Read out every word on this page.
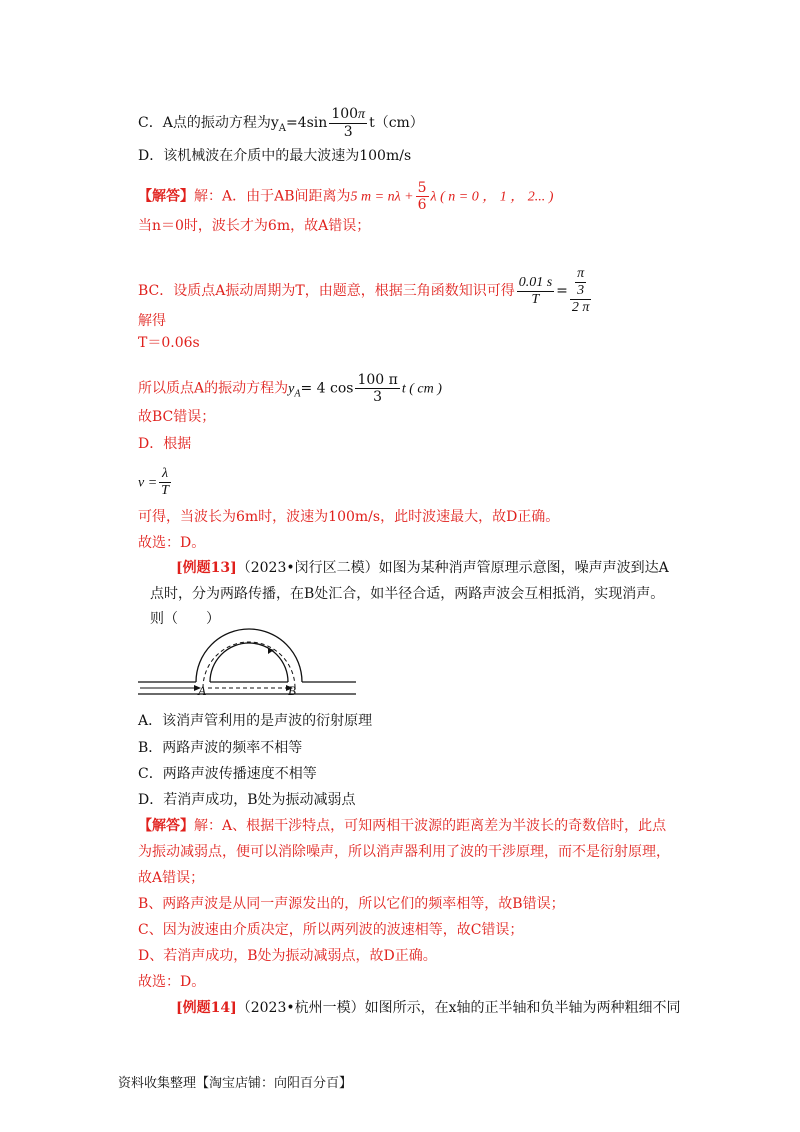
C．A点的振动方程为$y_A=4\sin \frac{100\pi}{3} t(cm)$
D．该机械波在介质中的最大波速为100m/s
【解答】解：A．由于AB间距离为5 $m = n\lambda + \frac{5}{6}$ λ ( n = 0 ， 1 ， 2... )
当n＝0时，波长才为6m，故A错误；
BC．设质点A振动周期为T，由题意，根据三角函数知识可得 $\frac{0.01 s}{T} = \frac{\frac{\pi}{3}}{2 \pi}$
解得
T＝0.06s
所以质点A的振动方程为$y_A= 4$ $\cos \frac{100 \pi}{3}$ t ( cm )
故BC错误；
D．根据
$v = \frac{\lambda}{T}$
可得，当波长为6m时，波速为100m/s，此时波速最大，故D正确。
故选：D。
[例题13]（2023•闵行区二模）如图为某种消声管原理示意图，噪声声波到达A
点时，分为两路传播，在B处汇合，如半径合适，两路声波会互相抵消，实现消声。
则（　　）
A	B
A．该消声管利用的是声波的衍射原理
B．两路声波的频率不相等
C．两路声波传播速度不相等
D．若消声成功，B处为振动减弱点
【解答】解：A、根据干涉特点，可知两相干波源的距离差为半波长的奇数倍时，此点
为振动减弱点，便可以消除噪声，所以消声器利用了波的干涉原理，而不是衍射原理，
故A错误；
B、两路声波是从同一声源发出的，所以它们的频率相等，故B错误；
C、因为波速由介质决定，所以两列波的波速相等，故C错误；
D、若消声成功，B处为振动减弱点，故D正确。
故选：D。
[例题14]（2023•杭州一模）如图所示，在x轴的正半轴和负半轴为两种粗细不同
资料收集整理【淘宝店铺：向阳百分百】
